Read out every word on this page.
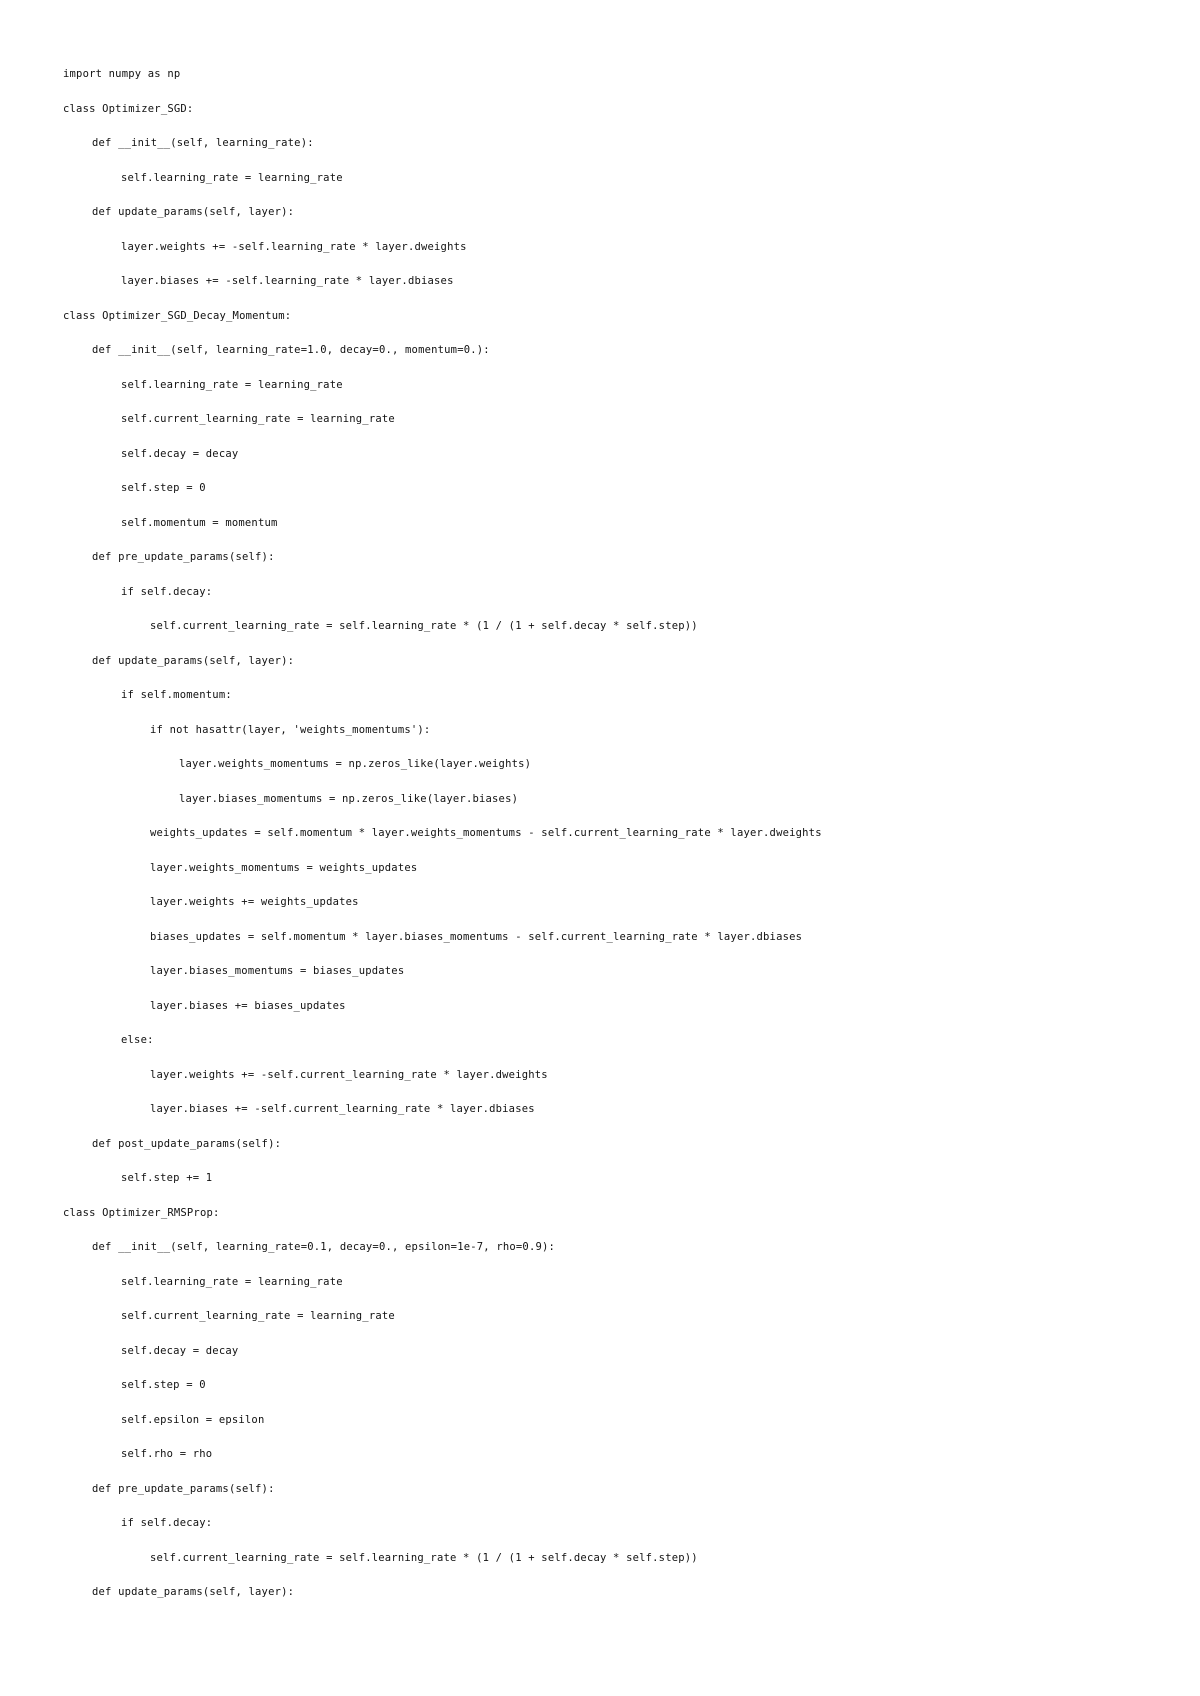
import numpy as np
class Optimizer_SGD:
def __init__(self, learning_rate):
self.learning_rate = learning_rate
def update_params(self, layer):
layer.weights += -self.learning_rate * layer.dweights
layer.biases += -self.learning_rate * layer.dbiases
class Optimizer_SGD_Decay_Momentum:
def __init__(self, learning_rate=1.0, decay=0., momentum=0.):
self.learning_rate = learning_rate
self.current_learning_rate = learning_rate
self.decay = decay
self.step = 0
self.momentum = momentum
def pre_update_params(self):
if self.decay:
self.current_learning_rate = self.learning_rate * (1 / (1 + self.decay * self.step))
def update_params(self, layer):
if self.momentum:
if not hasattr(layer, 'weights_momentums'):
layer.weights_momentums = np.zeros_like(layer.weights)
layer.biases_momentums = np.zeros_like(layer.biases)
weights_updates = self.momentum * layer.weights_momentums - self.current_learning_rate * layer.dweights
layer.weights_momentums = weights_updates
layer.weights += weights_updates
biases_updates = self.momentum * layer.biases_momentums - self.current_learning_rate * layer.dbiases
layer.biases_momentums = biases_updates
layer.biases += biases_updates
else:
layer.weights += -self.current_learning_rate * layer.dweights
layer.biases += -self.current_learning_rate * layer.dbiases
def post_update_params(self):
self.step += 1
class Optimizer_RMSProp:
def __init__(self, learning_rate=0.1, decay=0., epsilon=1e-7, rho=0.9):
self.learning_rate = learning_rate
self.current_learning_rate = learning_rate
self.decay = decay
self.step = 0
self.epsilon = epsilon
self.rho = rho
def pre_update_params(self):
if self.decay:
self.current_learning_rate = self.learning_rate * (1 / (1 + self.decay * self.step))
def update_params(self, layer):
